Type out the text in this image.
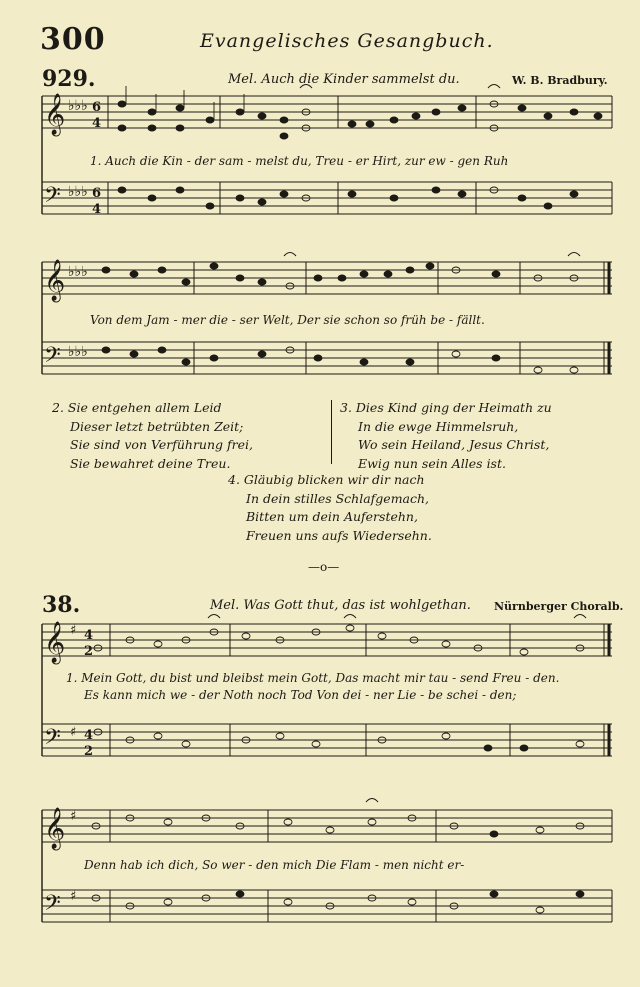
300	Evangelisches Gesangbuch.
929.	Mel. Auch die Kinder sammelst du.	W. B. Bradbury.
𝄞
𝄢
𝄞
𝄢
𝄞
𝄢
𝄞
𝄢
♭♭♭
♭♭♭
♭♭♭
♭♭♭
♯
♯
♯
♯
6
4
6
4
4
2
4
2
1. Auch die Kin - der sam - melst du, Treu - er Hirt, zur ew - gen Ruh
Von dem Jam - mer die - ser Welt, Der sie schon so früh be - fällt.
2. Sie entgehen allem Leid
Dieser letzt betrübten Zeit;
Sie sind von Verführung frei,
Sie bewahret deine Treu.
3. Dies Kind ging der Heimath zu
In die ewge Himmelsruh,
Wo sein Heiland, Jesus Christ,
Ewig nun sein Alles ist.
4. Gläubig blicken wir dir nach
In dein stilles Schlafgemach,
Bitten um dein Auferstehn,
Freuen uns aufs Wiedersehn.
—o—
38.	Mel. Was Gott thut, das ist wohlgethan. Nürnberger Choralb.
1. Mein Gott, du bist und bleibst mein Gott, Das macht mir tau - send Freu - den.
Es kann mich we - der Noth noch Tod Von dei - ner Lie - be schei - den;
Denn hab ich dich, So wer - den mich Die Flam - men nicht er-
